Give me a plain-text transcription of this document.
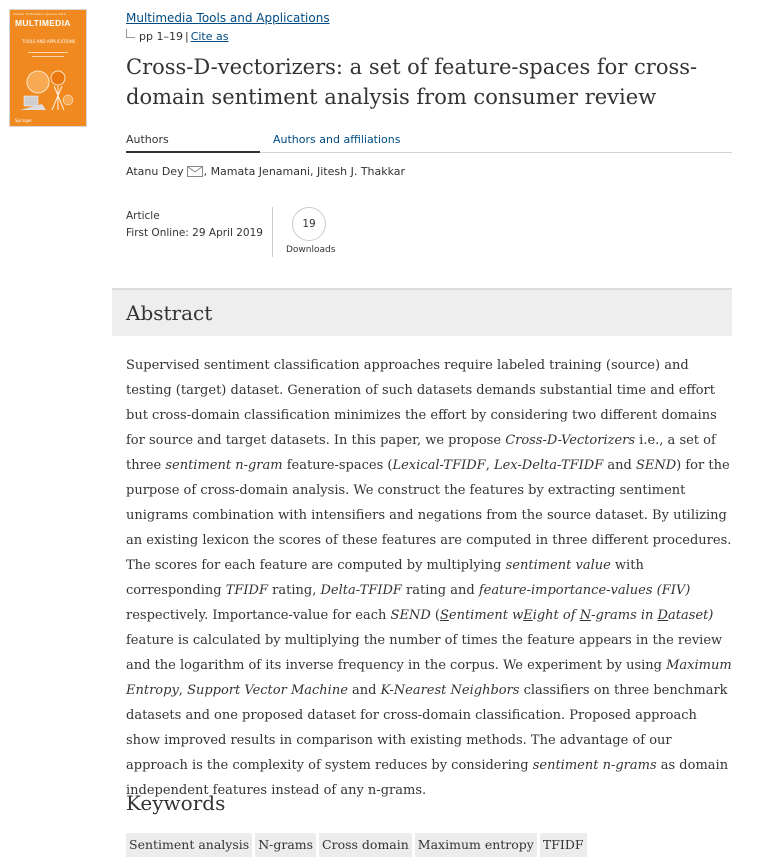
Volume 78 Number 1 January 2019
MULTIMEDIA
TOOLS AND APPLICATIONS
Springer
Multimedia Tools and Applications
pp 1–19 | Cite as
Cross-D-vectorizers: a set of feature-spaces for cross-domain sentiment analysis from consumer review
Authors	Authors and affiliations
Atanu Dey , Mamata Jenamani, Jitesh J. Thakkar
Article
First Online: 29 April 2019
19
Downloads
Abstract

Supervised sentiment classification approaches require labeled training (source) and testing (target) dataset. Generation of such datasets demands substantial time and effort but cross-domain classification minimizes the effort by considering two different domains for source and target datasets. In this paper, we propose Cross-D-Vectorizers i.e., a set of three sentiment n-gram feature-spaces (Lexical-TFIDF, Lex-Delta-TFIDF and SEND) for the purpose of cross-domain analysis. We construct the features by extracting sentiment unigrams combination with intensifiers and negations from the source dataset. By utilizing an existing lexicon the scores of these features are computed in three different procedures. The scores for each feature are computed by multiplying sentiment value with corresponding TFIDF rating, Delta-TFIDF rating and feature-importance-values (FIV) respectively. Importance-value for each SEND (Sentiment wEight of N-grams in Dataset) feature is calculated by multiplying the number of times the feature appears in the review and the logarithm of its inverse frequency in the corpus. We experiment by using Maximum Entropy, Support Vector Machine and K-Nearest Neighbors classifiers on three benchmark datasets and one proposed dataset for cross-domain classification. Proposed approach show improved results in comparison with existing methods. The advantage of our approach is the complexity of system reduces by considering sentiment n-grams as domain independent features instead of any n-grams.

Keywords
Sentiment analysis N-grams Cross domain Maximum entropy TFIDF
